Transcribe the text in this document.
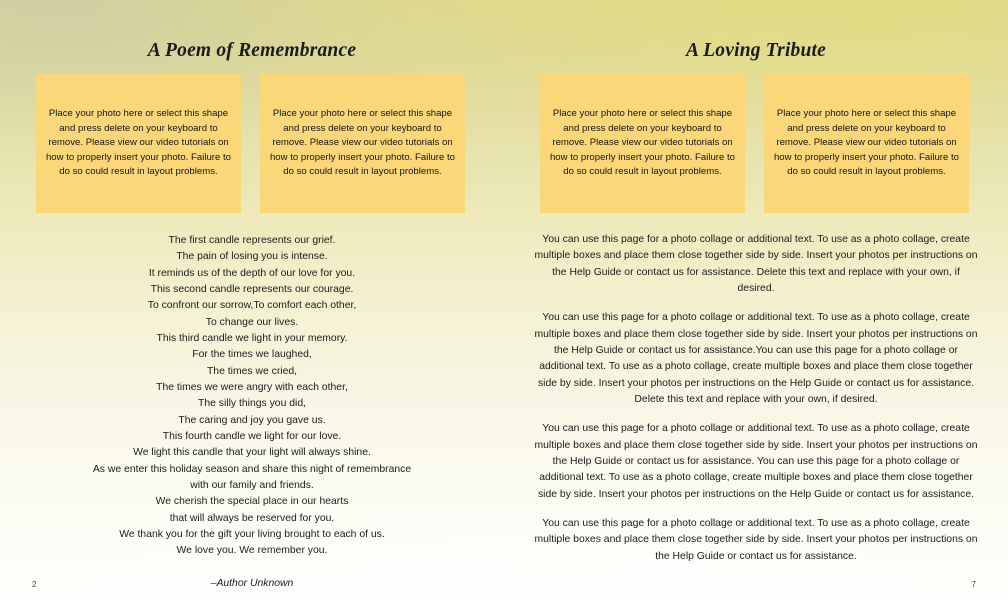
A Poem of Remembrance
Place your photo here or select this shape and press delete on your keyboard to remove. Please view our video tutorials on how to properly insert your photo. Failure to do so could result in layout problems.
Place your photo here or select this shape and press delete on your keyboard to remove. Please view our video tutorials on how to properly insert your photo. Failure to do so could result in layout problems.
The first candle represents our grief.
The pain of losing you is intense.
It reminds us of the depth of our love for you.
This second candle represents our courage.
To confront our sorrow,To comfort each other,
To change our lives.
This third candle we light in your memory.
For the times we laughed,
The times we cried,
The times we were angry with each other,
The silly things you did,
The caring and joy you gave us.
This fourth candle we light for our love.
We light this candle that your light will always shine.
As we enter this holiday season and share this night of remembrance
with our family and friends.
We cherish the special place in our hearts
that will always be reserved for you.
We thank you for the gift your living brought to each of us.
We love you. We remember you.
–Author Unknown
2
A Loving Tribute
Place your photo here or select this shape and press delete on your keyboard to remove. Please view our video tutorials on how to properly insert your photo. Failure to do so could result in layout problems.
Place your photo here or select this shape and press delete on your keyboard to remove. Please view our video tutorials on how to properly insert your photo. Failure to do so could result in layout problems.

You can use this page for a photo collage or additional text. To use as a photo collage, create multiple boxes and place them close together side by side. Insert your photos per instructions on the Help Guide or contact us for assistance. Delete this text and replace with your own, if desired.

You can use this page for a photo collage or additional text. To use as a photo collage, create multiple boxes and place them close together side by side. Insert your photos per instructions on the Help Guide or contact us for assistance.You can use this page for a photo collage or additional text. To use as a photo collage, create multiple boxes and place them close together side by side. Insert your photos per instructions on the Help Guide or contact us for assistance. Delete this text and replace with your own, if desired.

You can use this page for a photo collage or additional text. To use as a photo collage, create multiple boxes and place them close together side by side. Insert your photos per instructions on the Help Guide or contact us for assistance. You can use this page for a photo collage or additional text. To use as a photo collage, create multiple boxes and place them close together side by side. Insert your photos per instructions on the Help Guide or contact us for assistance.

You can use this page for a photo collage or additional text. To use as a photo collage, create multiple boxes and place them close together side by side. Insert your photos per instructions on the Help Guide or contact us for assistance.

7
